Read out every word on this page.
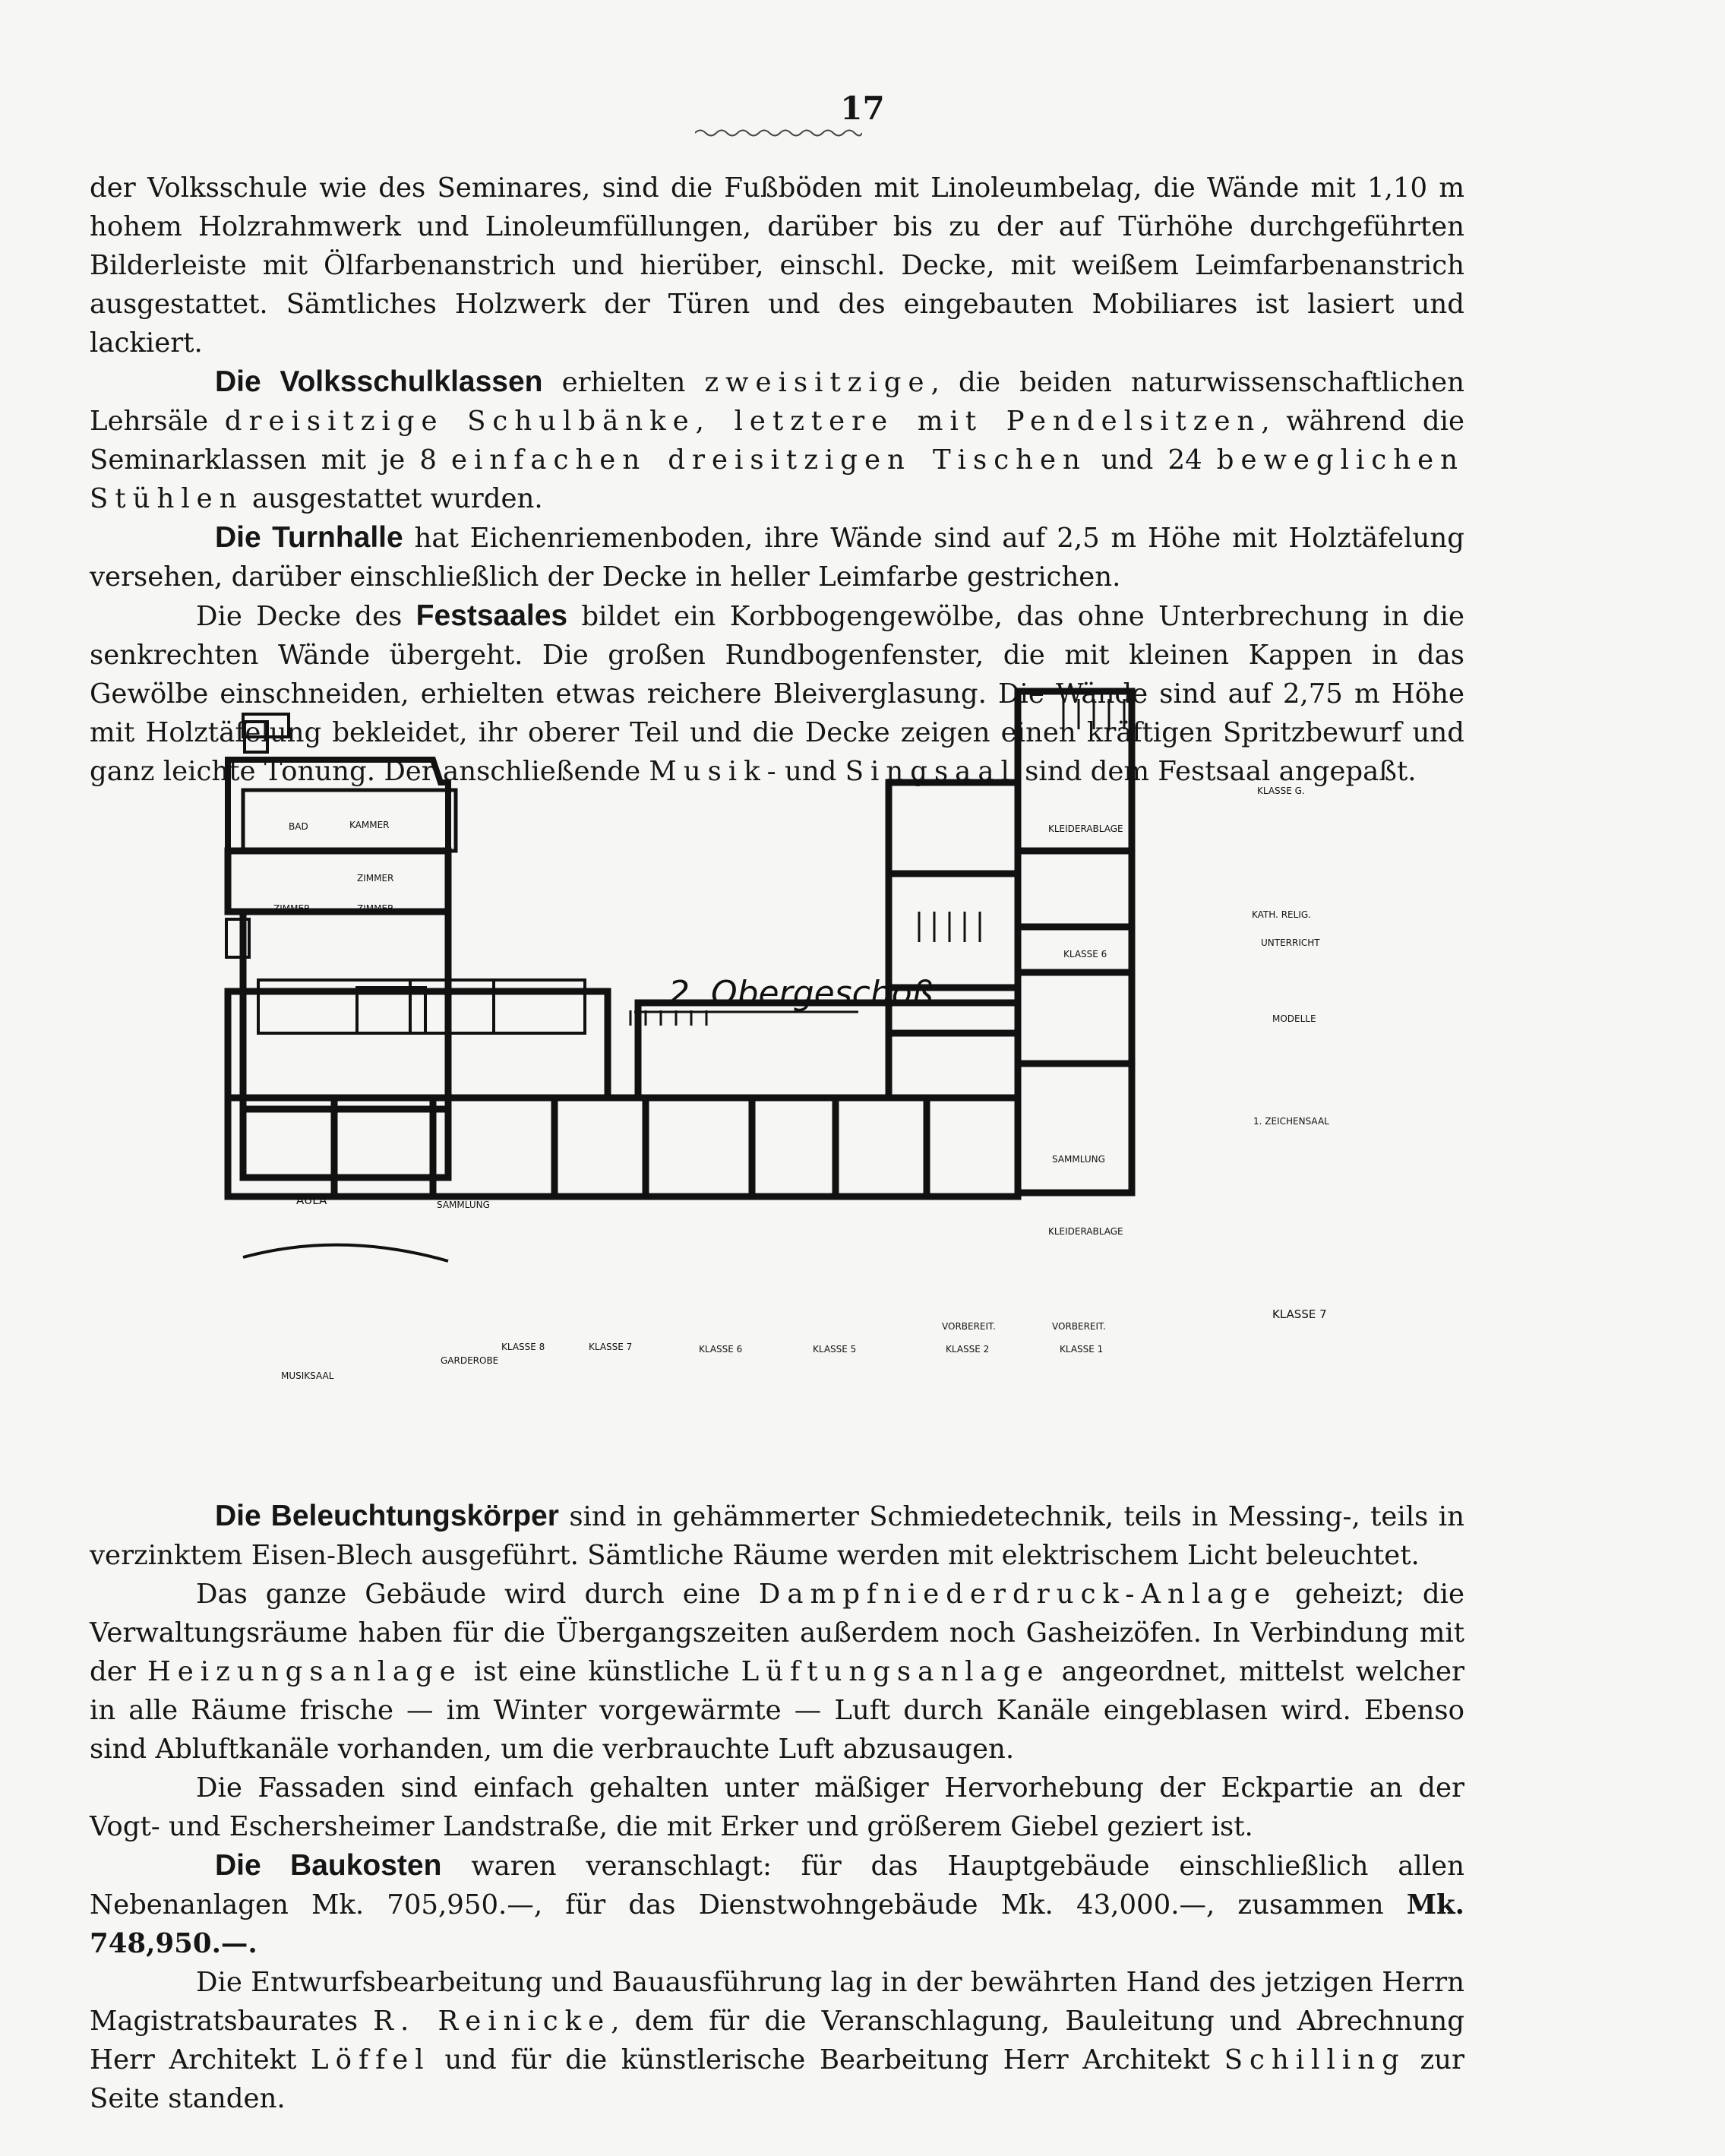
17

der Volksschule wie des Seminares, sind die Fußböden mit Linoleumbelag, die Wände mit 1,10 m hohem Holzrahmwerk und Linoleumfüllungen, darüber bis zu der auf Türhöhe durchgeführten Bilderleiste mit Ölfarbenanstrich und hierüber, einschl. Decke, mit weißem Leimfarbenanstrich ausgestattet. Sämtliches Holzwerk der Türen und des eingebauten Mobiliares ist lasiert und lackiert.

Die Volksschulklassen erhielten zweisitzige, die beiden naturwissenschaftlichen Lehrsäle dreisitzige Schulbänke, letztere mit Pendelsitzen, während die Seminarklassen mit je 8 einfachen dreisitzigen Tischen und 24 beweglichen Stühlen ausgestattet wurden.

Die Turnhalle hat Eichenriemenboden, ihre Wände sind auf 2,5 m Höhe mit Holztäfelung versehen, darüber einschließlich der Decke in heller Leimfarbe gestrichen.

Die Decke des Festsaales bildet ein Korbbogengewölbe, das ohne Unterbrechung in die senkrechten Wände übergeht. Die großen Rundbogenfenster, die mit kleinen Kappen in das Gewölbe einschneiden, erhielten etwas reichere Bleiverglasung. Die Wände sind auf 2,75 m Höhe mit Holztäfelung bekleidet, ihr oberer Teil und die Decke zeigen einen kräftigen Spritzbewurf und ganz leichte Tönung. Der anschließende Musik- und Singsaal sind dem Festsaal angepaßt.

2. Obergeschoß
BAD	KAMMER
ZIMMER
ZIMMER	ZIMMER
AULA
MUSIKSAAL
GARDEROBE
SAMMLUNG
KLASSE 8	KLASSE 7	KLASSE 6	KLASSE 5
VORBEREIT.
KLASSE 2
VORBEREIT.
KLASSE 1
KLEIDERABLAGE
KLASSE 6
SAMMLUNG
KLEIDERABLAGE
KLASSE G.
KATH. RELIG.
UNTERRICHT
MODELLE
1. ZEICHENSAAL
KLASSE 7

Die Beleuchtungskörper sind in gehämmerter Schmiedetechnik, teils in Messing-, teils in verzinktem Eisen-Blech ausgeführt. Sämtliche Räume werden mit elektrischem Licht beleuchtet.

Das ganze Gebäude wird durch eine Dampfniederdruck-Anlage geheizt; die Verwaltungsräume haben für die Übergangszeiten außerdem noch Gasheizöfen. In Verbindung mit der Heizungsanlage ist eine künstliche Lüftungsanlage angeordnet, mittelst welcher in alle Räume frische — im Winter vorgewärmte — Luft durch Kanäle eingeblasen wird. Ebenso sind Abluftkanäle vorhanden, um die verbrauchte Luft abzusaugen.

Die Fassaden sind einfach gehalten unter mäßiger Hervorhebung der Eckpartie an der Vogt- und Eschersheimer Landstraße, die mit Erker und größerem Giebel geziert ist.

Die Baukosten waren veranschlagt: für das Hauptgebäude einschließlich allen Nebenanlagen Mk. 705,950.—, für das Dienstwohngebäude Mk. 43,000.—, zusammen Mk. 748,950.—.

Die Entwurfsbearbeitung und Bauausführung lag in der bewährten Hand des jetzigen Herrn Magistratsbaurates R. Reinicke, dem für die Veranschlagung, Bauleitung und Abrechnung Herr Architekt Löffel und für die künstlerische Bearbeitung Herr Architekt Schilling zur Seite standen.
